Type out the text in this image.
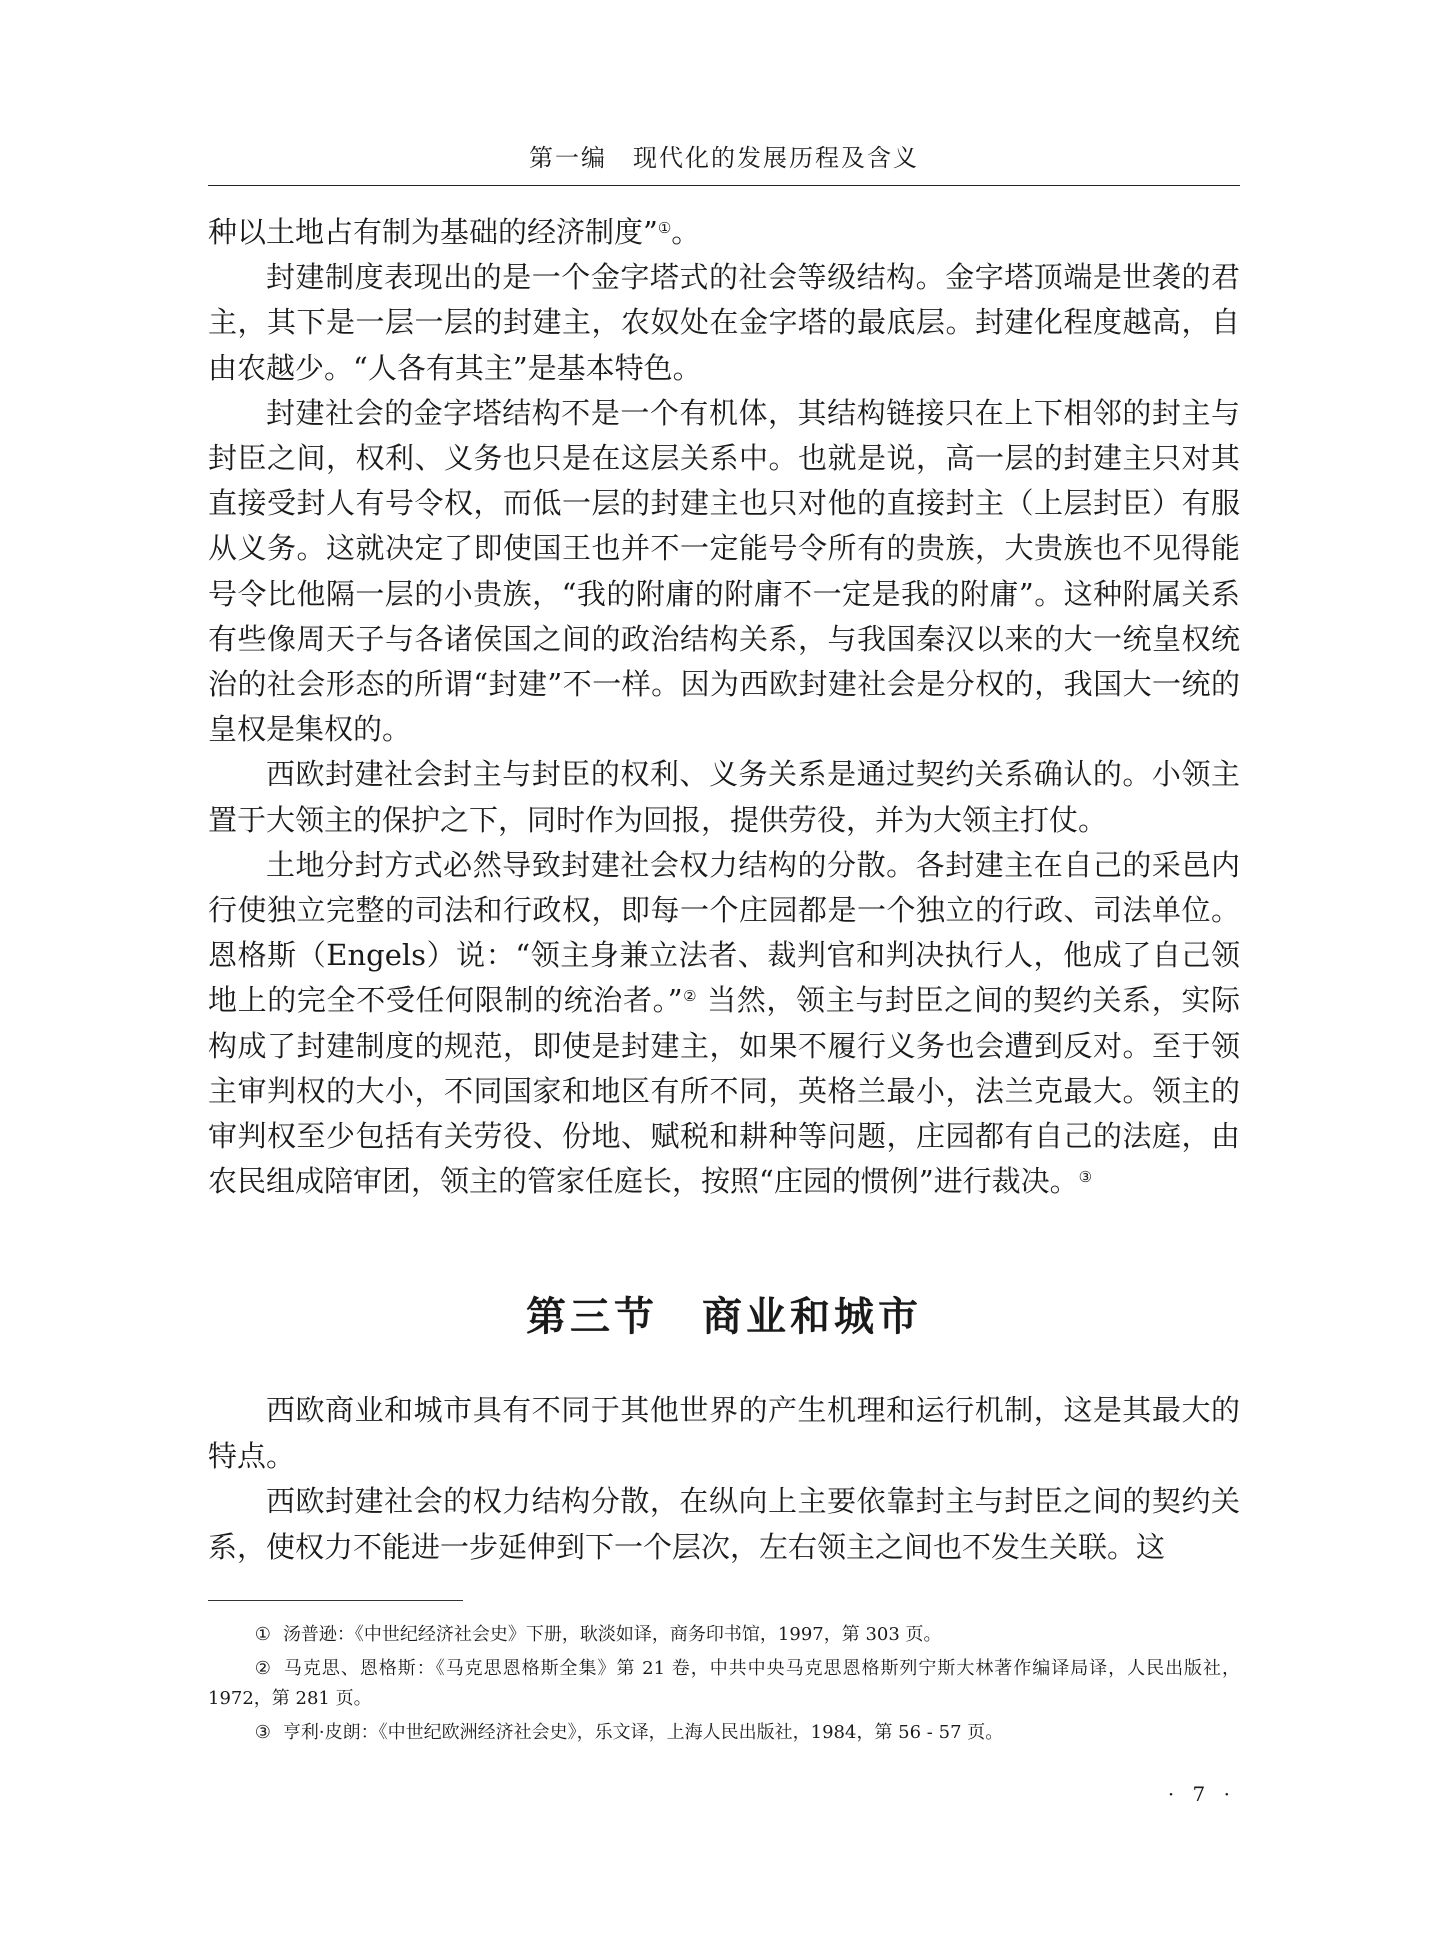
第一编　现代化的发展历程及含义

种以土地占有制为基础的经济制度”①。

封建制度表现出的是一个金字塔式的社会等级结构。金字塔顶端是世袭的君主，其下是一层一层的封建主，农奴处在金字塔的最底层。封建化程度越高，自由农越少。“人各有其主”是基本特色。

封建社会的金字塔结构不是一个有机体，其结构链接只在上下相邻的封主与封臣之间，权利、义务也只是在这层关系中。也就是说，高一层的封建主只对其直接受封人有号令权，而低一层的封建主也只对他的直接封主（上层封臣）有服从义务。这就决定了即使国王也并不一定能号令所有的贵族，大贵族也不见得能号令比他隔一层的小贵族，“我的附庸的附庸不一定是我的附庸”。这种附属关系有些像周天子与各诸侯国之间的政治结构关系，与我国秦汉以来的大一统皇权统治的社会形态的所谓“封建”不一样。因为西欧封建社会是分权的，我国大一统的皇权是集权的。

西欧封建社会封主与封臣的权利、义务关系是通过契约关系确认的。小领主置于大领主的保护之下，同时作为回报，提供劳役，并为大领主打仗。

土地分封方式必然导致封建社会权力结构的分散。各封建主在自己的采邑内行使独立完整的司法和行政权，即每一个庄园都是一个独立的行政、司法单位。恩格斯（Engels）说：“领主身兼立法者、裁判官和判决执行人，他成了自己领地上的完全不受任何限制的统治者。”② 当然，领主与封臣之间的契约关系，实际构成了封建制度的规范，即使是封建主，如果不履行义务也会遭到反对。至于领主审判权的大小，不同国家和地区有所不同，英格兰最小，法兰克最大。领主的审判权至少包括有关劳役、份地、赋税和耕种等问题，庄园都有自己的法庭，由农民组成陪审团，领主的管家任庭长，按照“庄园的惯例”进行裁决。③

第三节　商业和城市

西欧商业和城市具有不同于其他世界的产生机理和运行机制，这是其最大的特点。

西欧封建社会的权力结构分散，在纵向上主要依靠封主与封臣之间的契约关系，使权力不能进一步延伸到下一个层次，左右领主之间也不发生关联。这

① 汤普逊：《中世纪经济社会史》下册，耿淡如译，商务印书馆，1997，第 303 页。

② 马克思、恩格斯：《马克思恩格斯全集》第 21 卷，中共中央马克思恩格斯列宁斯大林著作编译局译，人民出版社，1972，第 281 页。

③ 亨利·皮朗：《中世纪欧洲经济社会史》，乐文译，上海人民出版社，1984，第 56 - 57 页。

· 7 ·
